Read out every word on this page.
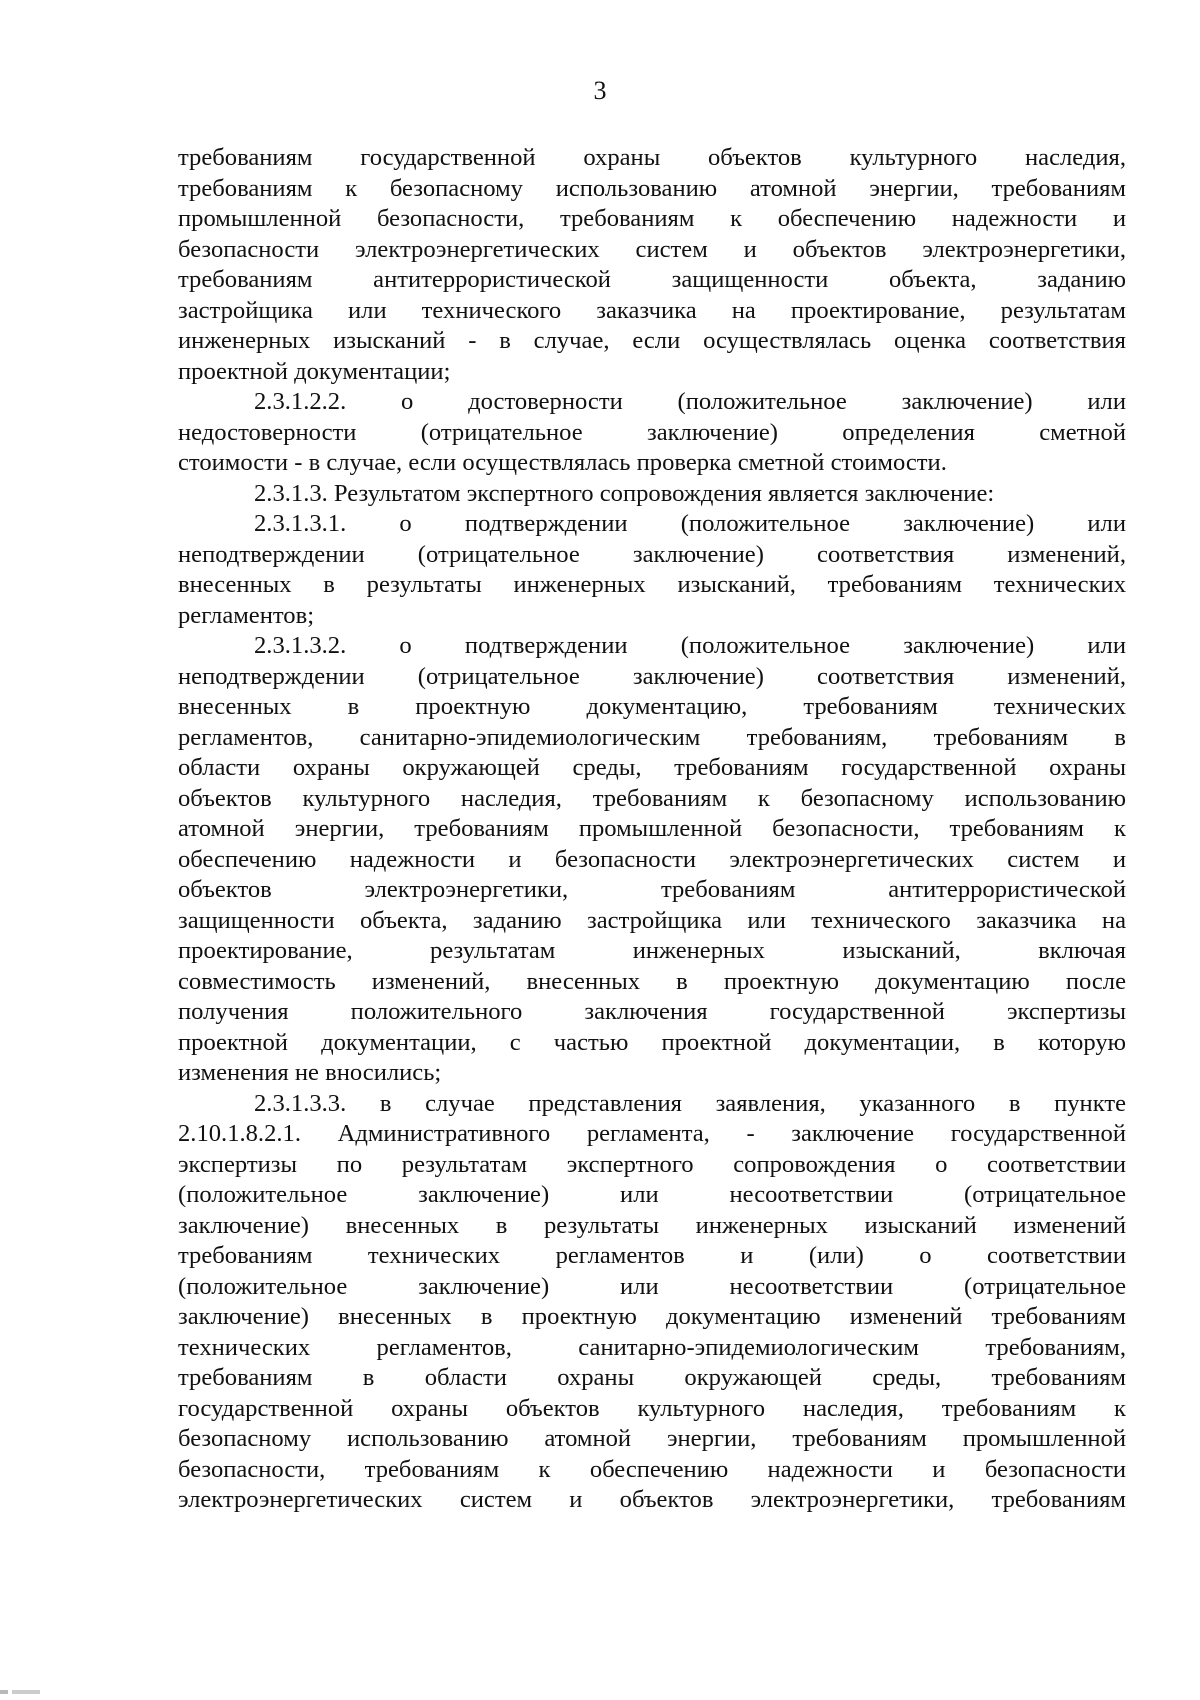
3
требованиям государственной охраны объектов культурного наследия,
требованиям к безопасному использованию атомной энергии, требованиям
промышленной безопасности, требованиям к обеспечению надежности и
безопасности электроэнергетических систем и объектов электроэнергетики,
требованиям антитеррористической защищенности объекта, заданию
застройщика или технического заказчика на проектирование, результатам
инженерных изысканий - в случае, если осуществлялась оценка соответствия
проектной документации;
2.3.1.2.2. о достоверности (положительное заключение) или
недостоверности (отрицательное заключение) определения сметной
стоимости - в случае, если осуществлялась проверка сметной стоимости.
2.3.1.3. Результатом экспертного сопровождения является заключение:
2.3.1.3.1. о подтверждении (положительное заключение) или
неподтверждении (отрицательное заключение) соответствия изменений,
внесенных в результаты инженерных изысканий, требованиям технических
регламентов;
2.3.1.3.2. о подтверждении (положительное заключение) или
неподтверждении (отрицательное заключение) соответствия изменений,
внесенных в проектную документацию, требованиям технических
регламентов, санитарно-эпидемиологическим требованиям, требованиям в
области охраны окружающей среды, требованиям государственной охраны
объектов культурного наследия, требованиям к безопасному использованию
атомной энергии, требованиям промышленной безопасности, требованиям к
обеспечению надежности и безопасности электроэнергетических систем и
объектов электроэнергетики, требованиям антитеррористической
защищенности объекта, заданию застройщика или технического заказчика на
проектирование, результатам инженерных изысканий, включая
совместимость изменений, внесенных в проектную документацию после
получения положительного заключения государственной экспертизы
проектной документации, с частью проектной документации, в которую
изменения не вносились;
2.3.1.3.3. в случае представления заявления, указанного в пункте
2.10.1.8.2.1. Административного регламента, - заключение государственной
экспертизы по результатам экспертного сопровождения о соответствии
(положительное заключение) или несоответствии (отрицательное
заключение) внесенных в результаты инженерных изысканий изменений
требованиям технических регламентов и (или) о соответствии
(положительное заключение) или несоответствии (отрицательное
заключение) внесенных в проектную документацию изменений требованиям
технических регламентов, санитарно-эпидемиологическим требованиям,
требованиям в области охраны окружающей среды, требованиям
государственной охраны объектов культурного наследия, требованиям к
безопасному использованию атомной энергии, требованиям промышленной
безопасности, требованиям к обеспечению надежности и безопасности
электроэнергетических систем и объектов электроэнергетики, требованиям
